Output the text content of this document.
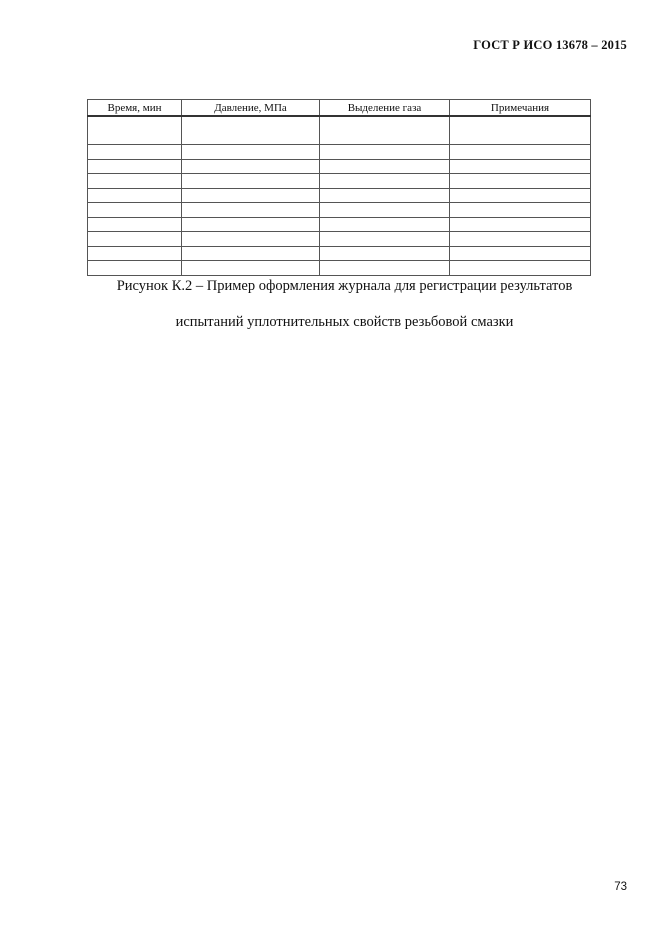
ГОСТ Р ИСО 13678 – 2015
Время, мин	Давление, МПа	Выделение газа	Примечания

Рисунок К.2 – Пример оформления журнала для регистрации результатов
испытаний уплотнительных свойств резьбовой смазки
73
